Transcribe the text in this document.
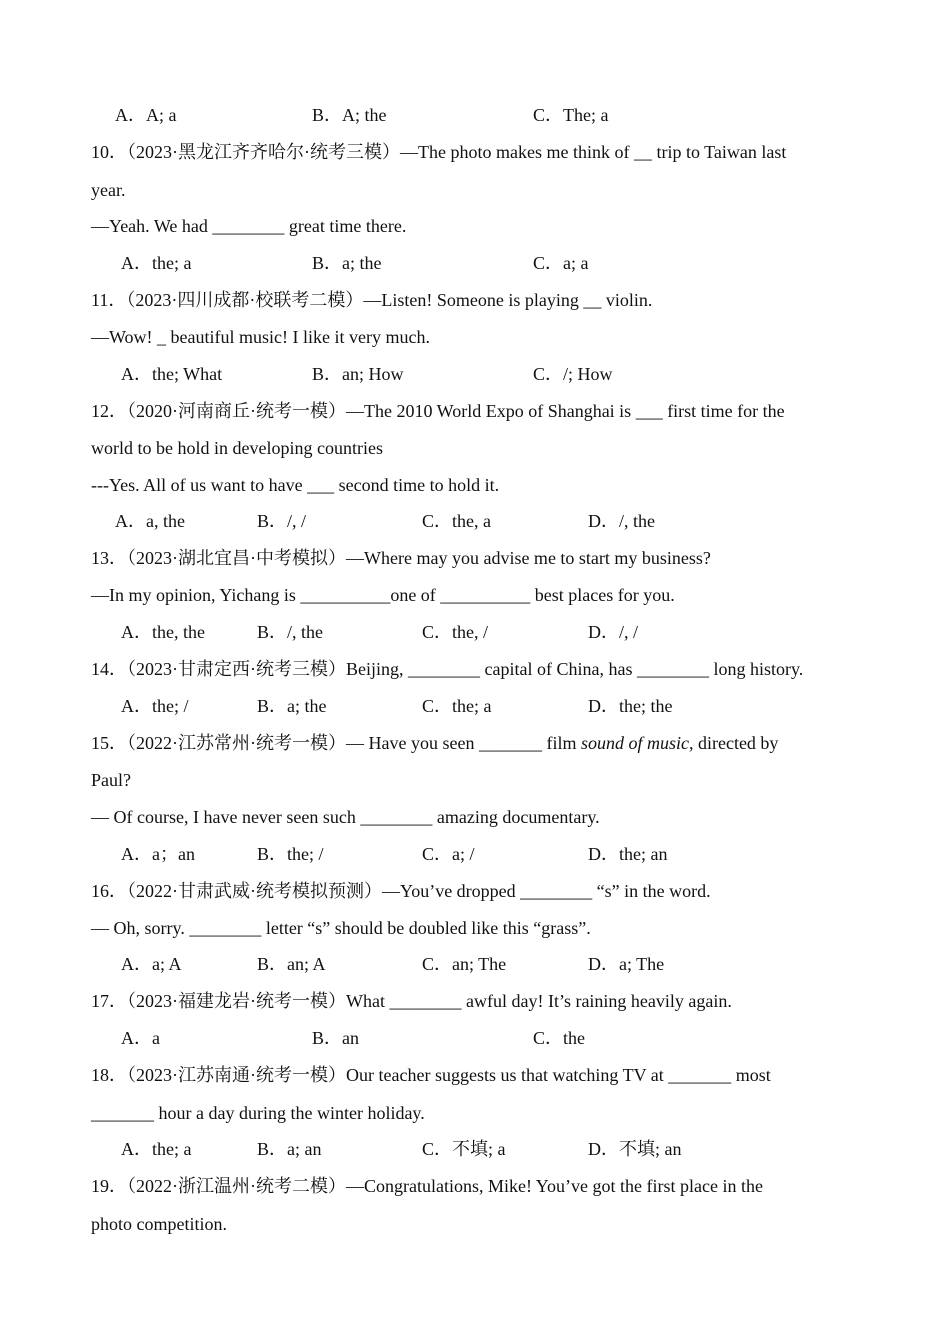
A．A; a	B．A; the	C．The; a
10．（2023·黑龙江齐齐哈尔·统考三模）—The photo makes me think of __ trip to Taiwan last
year.
—Yeah. We had ________ great time there.
A．the; a	B．a; the	C．a; a
11．（2023·四川成都·校联考二模）—Listen! Someone is playing __ violin.
—Wow! _ beautiful music! I like it very much.
A．the; What	B．an; How	C．/; How
12．（2020·河南商丘·统考一模）—The 2010 World Expo of Shanghai is ___ first time for the
world to be hold in developing countries
---Yes. All of us want to have ___ second time to hold it.
A．a, the	B．/, /	C．the, a	D．/, the
13．（2023·湖北宜昌·中考模拟）—Where may you advise me to start my business?
—In my opinion, Yichang is __________one of __________ best places for you.
A．the, the	B．/, the	C．the, /	D．/, /
14．（2023·甘肃定西·统考三模）Beijing, ________ capital of China, has ________ long history.
A．the; /	B．a; the	C．the; a	D．the; the
15．（2022·江苏常州·统考一模）— Have you seen _______ film sound of music, directed by
Paul?
— Of course, I have never seen such ________ amazing documentary.
A．a；an	B．the; /	C．a; /	D．the; an
16．（2022·甘肃武威·统考模拟预测）—You’ve dropped ________ “s” in the word.
— Oh, sorry. ________ letter “s” should be doubled like this “grass”.
A．a; A	B．an; A	C．an; The	D．a; The
17．（2023·福建龙岩·统考一模）What ________ awful day! It’s raining heavily again.
A．a	B．an	C．the
18．（2023·江苏南通·统考一模）Our teacher suggests us that watching TV at _______ most
_______ hour a day during the winter holiday.
A．the; a	B．a; an	C．不填; a	D．不填; an
19．（2022·浙江温州·统考二模）—Congratulations, Mike! You’ve got the first place in the
photo competition.
